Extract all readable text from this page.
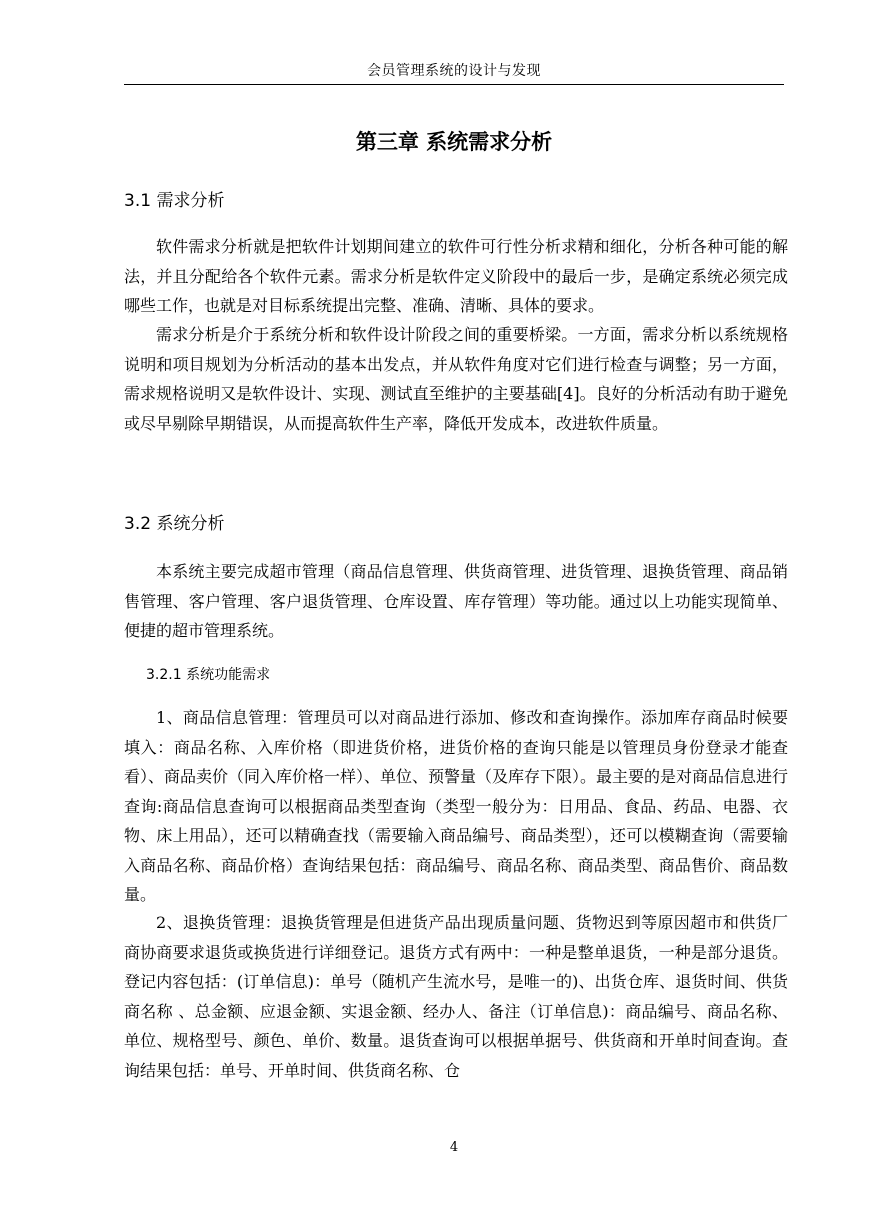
会员管理系统的设计与发现
第三章 系统需求分析
3.1 需求分析

软件需求分析就是把软件计划期间建立的软件可行性分析求精和细化，分析各种可能的解法，并且分配给各个软件元素。需求分析是软件定义阶段中的最后一步，是确定系统必须完成哪些工作，也就是对目标系统提出完整、准确、清晰、具体的要求。

需求分析是介于系统分析和软件设计阶段之间的重要桥梁。一方面，需求分析以系统规格说明和项目规划为分析活动的基本出发点，并从软件角度对它们进行检查与调整；另一方面，需求规格说明又是软件设计、实现、测试直至维护的主要基础[4]。良好的分析活动有助于避免或尽早剔除早期错误，从而提高软件生产率，降低开发成本，改进软件质量。

3.2 系统分析

本系统主要完成超市管理（商品信息管理、供货商管理、进货管理、退换货管理、商品销售管理、客户管理、客户退货管理、仓库设置、库存管理）等功能。通过以上功能实现简单、便捷的超市管理系统。

3.2.1 系统功能需求

1、商品信息管理：管理员可以对商品进行添加、修改和查询操作。添加库存商品时候要填入：商品名称、入库价格（即进货价格，进货价格的查询只能是以管理员身份登录才能查看）、商品卖价（同入库价格一样）、单位、预警量（及库存下限）。最主要的是对商品信息进行查询:商品信息查询可以根据商品类型查询（类型一般分为：日用品、食品、药品、电器、衣物、床上用品），还可以精确查找（需要输入商品编号、商品类型），还可以模糊查询（需要输入商品名称、商品价格）查询结果包括：商品编号、商品名称、商品类型、商品售价、商品数量。

2、退换货管理：退换货管理是但进货产品出现质量问题、货物迟到等原因超市和供货厂商协商要求退货或换货进行详细登记。退货方式有两中：一种是整单退货，一种是部分退货。登记内容包括：(订单信息)：单号（随机产生流水号，是唯一的)、出货仓库、退货时间、供货商名称 、总金额、应退金额、实退金额、经办人、备注（订单信息)：商品编号、商品名称、单位、规格型号、颜色、单价、数量。退货查询可以根据单据号、供货商和开单时间查询。查询结果包括：单号、开单时间、供货商名称、仓

4
